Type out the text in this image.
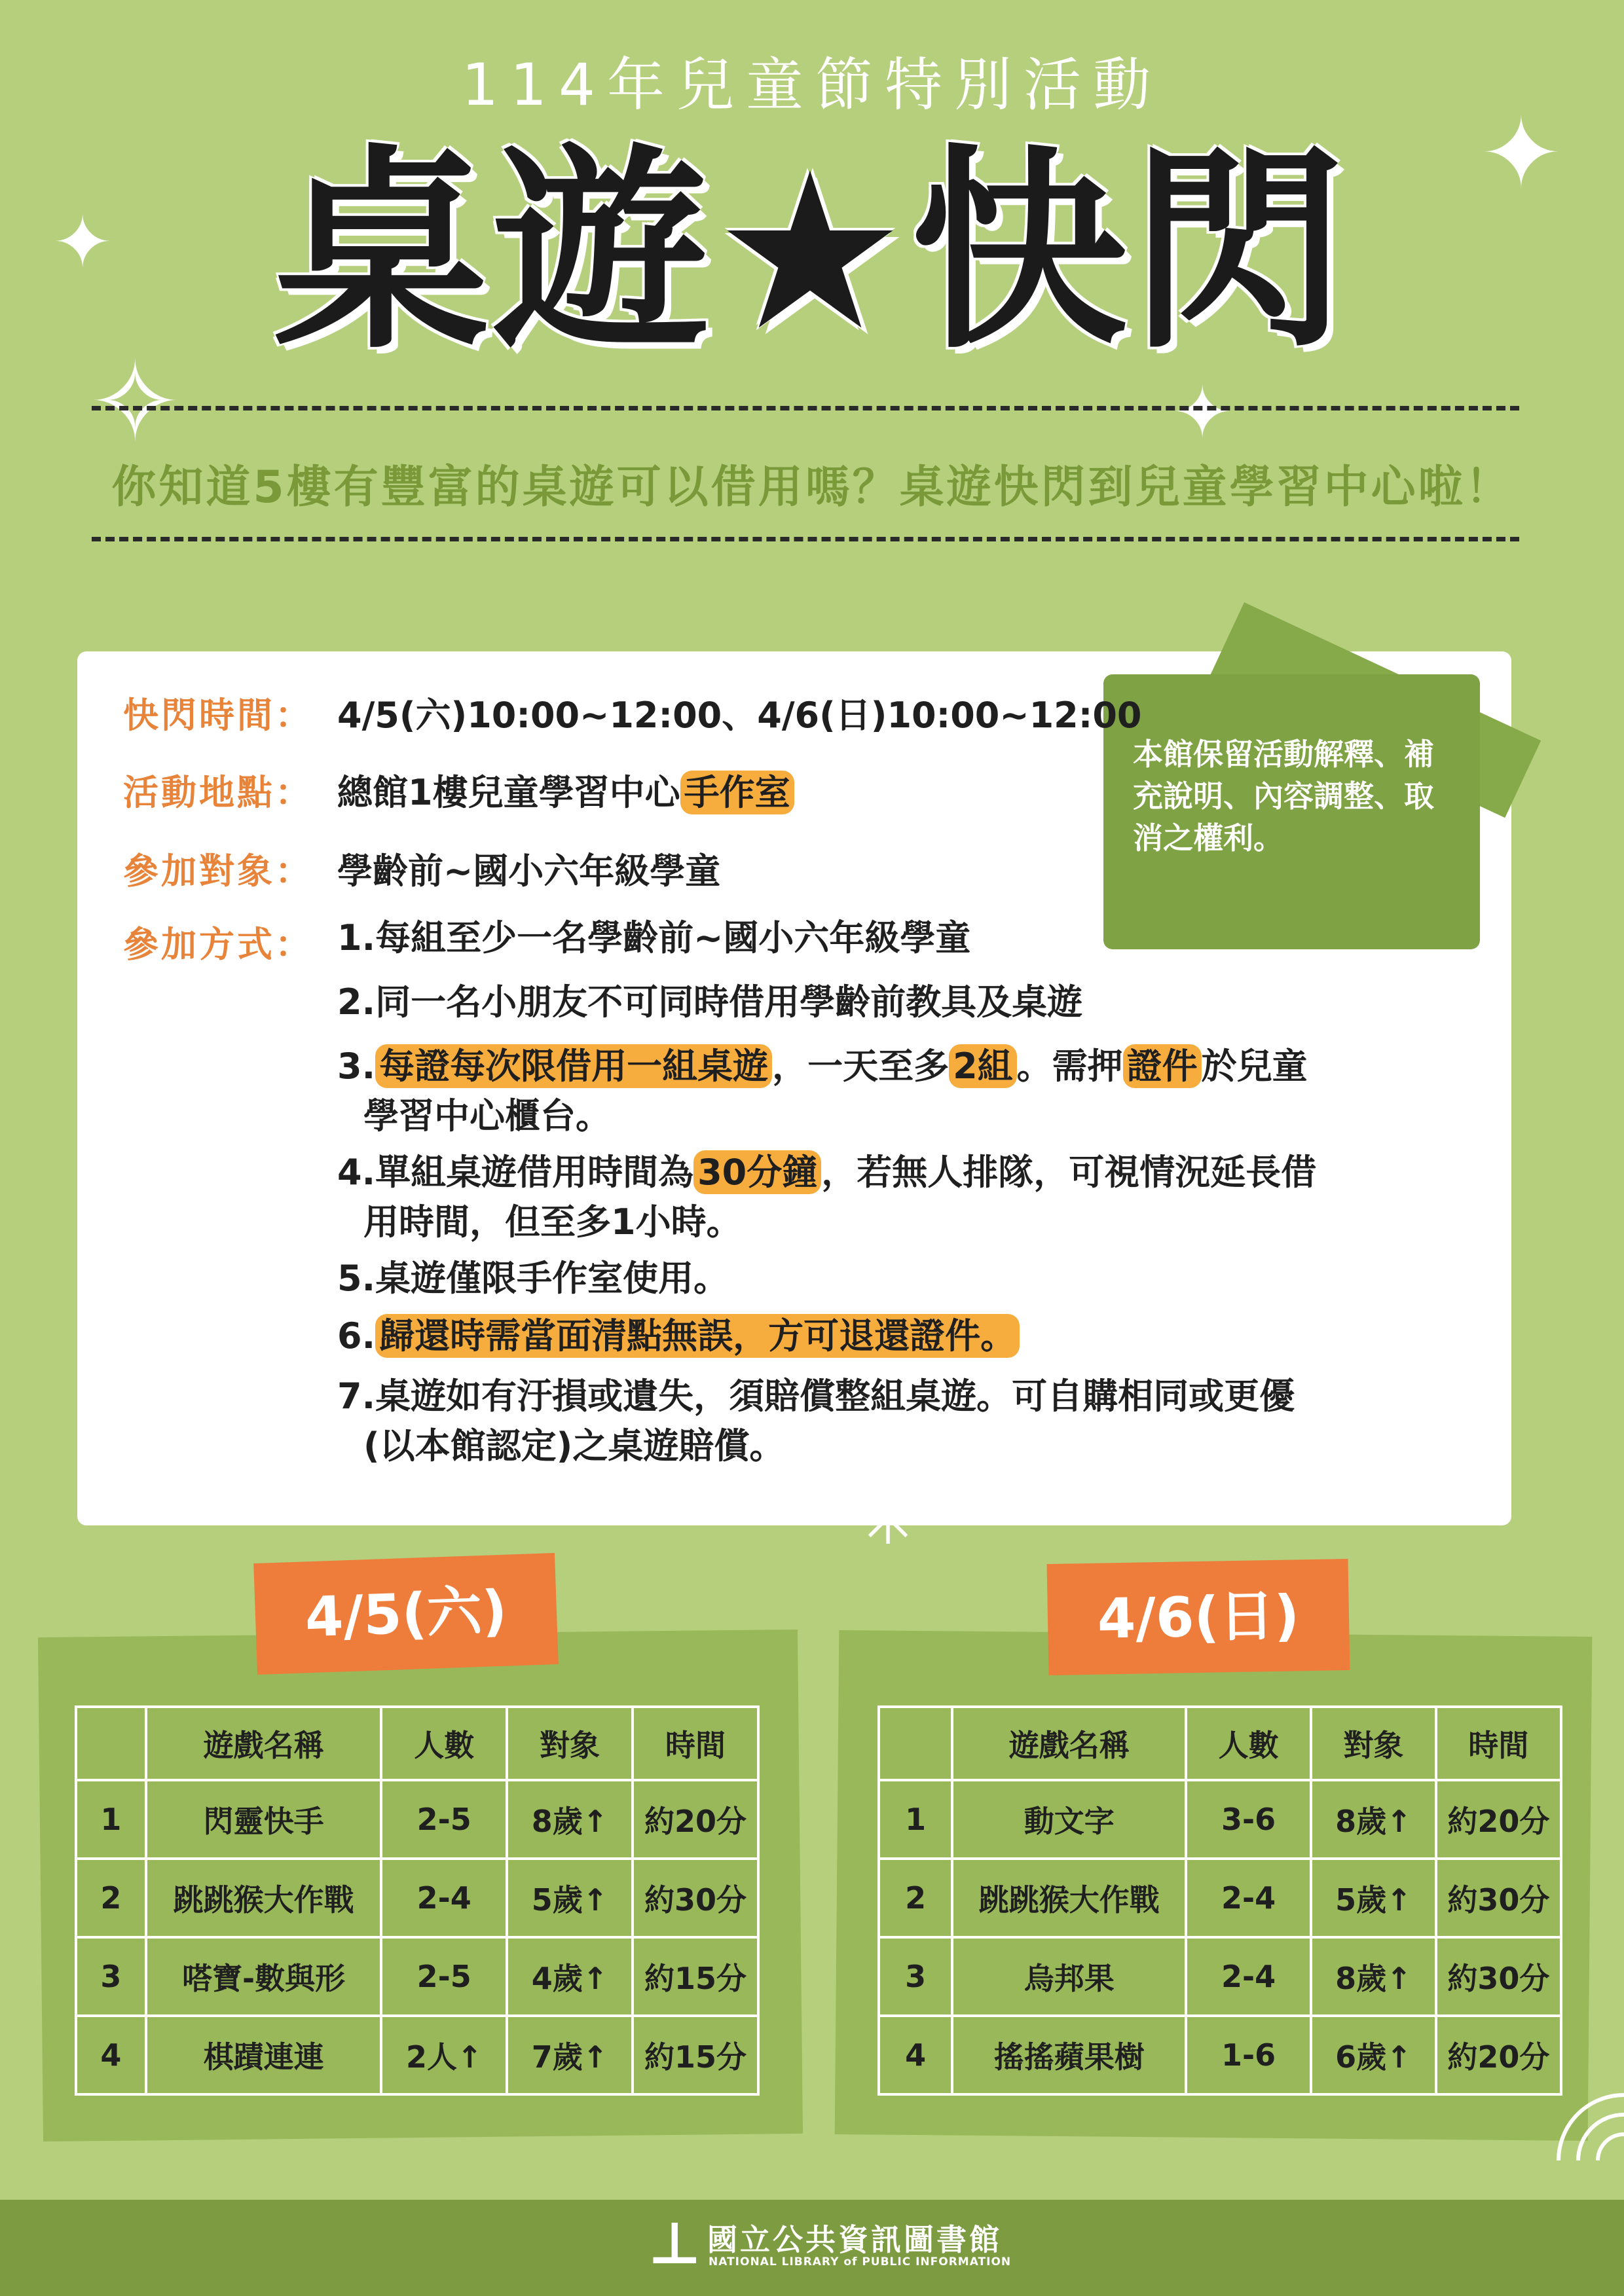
114年兒童節特別活動
桌遊★快閃	✦
✦
✧	✦
你知道5樓有豐富的桌遊可以借用嗎？桌遊快閃到兒童學習中心啦！
本館保留活動解釋、補充說明、內容調整、取消之權利。
快閃時間： 4/5(六)10:00~12:00、4/6(日)10:00~12:00
活動地點： 總館1樓兒童學習中心 手作室
參加對象： 學齡前~國小六年級學童
參加方式： 1.每組至少一名學齡前~國小六年級學童
2.同一名小朋友不可同時借用學齡前教具及桌遊
3. 每證每次限借用一組桌遊 ，一天至多 2組 。需押 證件 於兒童
學習中心櫃台。
4.單組桌遊借用時間為 30分鐘 ，若無人排隊，可視情況延長借
用時間，但至多1小時。
5.桌遊僅限手作室使用。
6. 歸還時需當面清點無誤，方可退還證件。
7.桌遊如有汙損或遺失，須賠償整組桌遊。可自購相同或更優
(以本館認定)之桌遊賠償。
4/5(六)
	遊戲名稱	人數	對象	時間
1	閃靈快手	2-5	8歲↑	約20分
2	跳跳猴大作戰	2-4	5歲↑	約30分
3	嗒寶-數與形	2-5	4歲↑	約15分
4	棋蹟連連	2人↑	7歲↑	約15分
4/6(日)
	遊戲名稱	人數	對象	時間
1	動文字	3-6	8歲↑	約20分
2	跳跳猴大作戰	2-4	5歲↑	約30分
3	烏邦果	2-4	8歲↑	約30分
4	搖搖蘋果樹	1-6	6歲↑	約20分
⊥ 國立公共資訊圖書館
NATIONAL LIBRARY of PUBLIC INFORMATION
